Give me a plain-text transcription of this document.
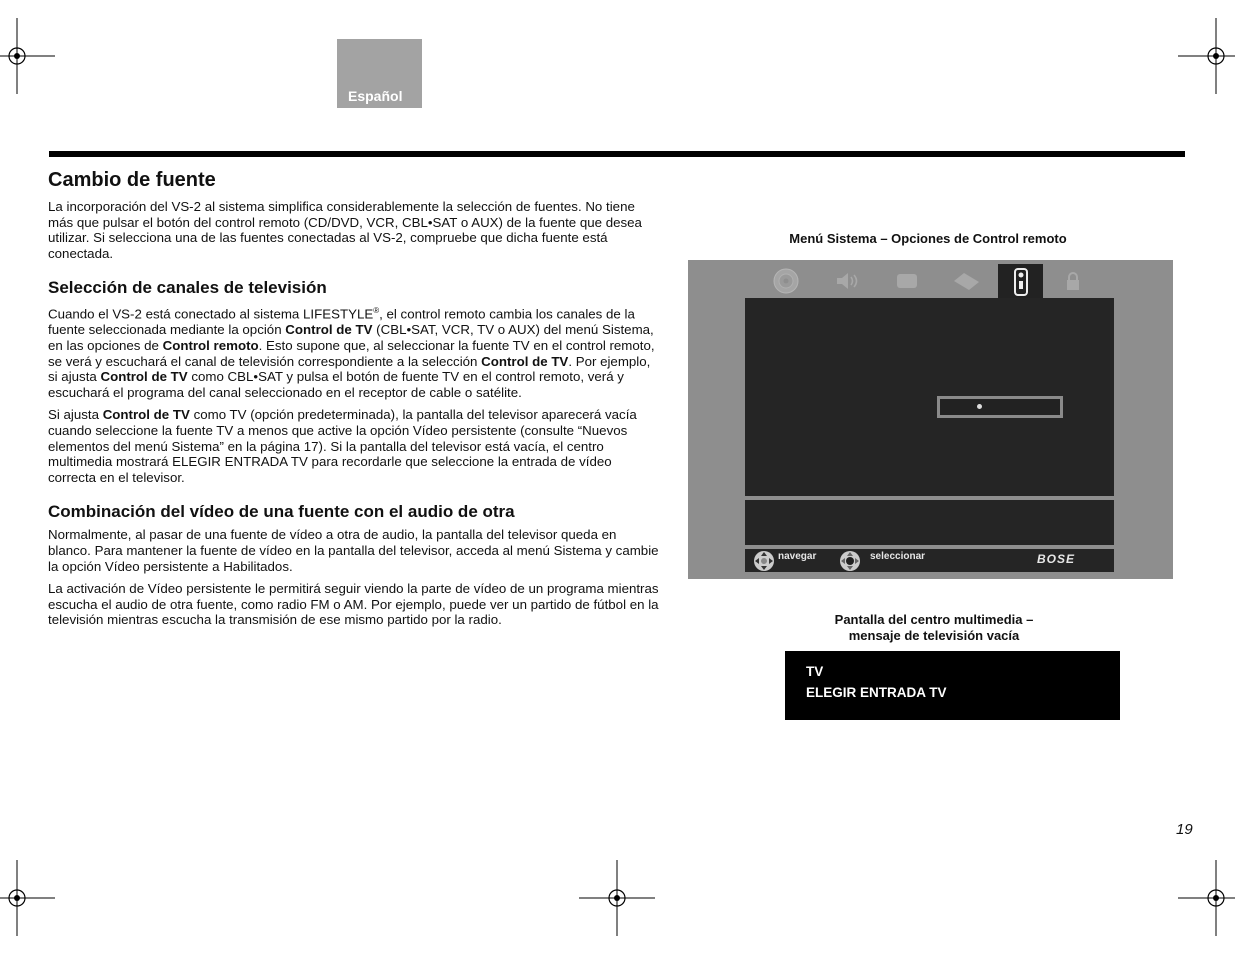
Español
Cambio de fuente

La incorporación del VS-2 al sistema simplifica considerablemente la selección de fuentes. No tiene más que pulsar el botón del control remoto (CD/DVD, VCR, CBL•SAT o AUX) de la fuente que desea utilizar. Si selecciona una de las fuentes conectadas al VS-2, compruebe que dicha fuente está conectada.

Selección de canales de televisión

Cuando el VS-2 está conectado al sistema LIFESTYLE®, el control remoto cambia los canales de la fuente seleccionada mediante la opción Control de TV (CBL•SAT, VCR, TV o AUX) del menú Sistema, en las opciones de Control remoto. Esto supone que, al seleccionar la fuente TV en el control remoto, se verá y escuchará el canal de televisión correspondiente a la selección Control de TV. Por ejemplo, si ajusta Control de TV como CBL•SAT y pulsa el botón de fuente TV en el control remoto, verá y escuchará el programa del canal seleccionado en el receptor de cable o satélite.

Si ajusta Control de TV como TV (opción predeterminada), la pantalla del televisor aparecerá vacía cuando seleccione la fuente TV a menos que active la opción Vídeo persistente (consulte “Nuevos elementos del menú Sistema” en la página 17). Si la pantalla del televisor está vacía, el centro multimedia mostrará ELEGIR ENTRADA TV para recordarle que seleccione la entrada de vídeo correcta en el televisor.

Combinación del vídeo de una fuente con el audio de otra

Normalmente, al pasar de una fuente de vídeo a otra de audio, la pantalla del televisor queda en blanco. Para mantener la fuente de vídeo en la pantalla del televisor, acceda al menú Sistema y cambie la opción Vídeo persistente a Habilitados.

La activación de Vídeo persistente le permitirá seguir viendo la parte de vídeo de un programa mientras escucha el audio de otra fuente, como radio FM o AM. Por ejemplo, puede ver un partido de fútbol en la televisión mientras escucha la transmisión de ese mismo partido por la radio.

Menú Sistema – Opciones de Control remoto
navegar	seleccionar	BOSE
Pantalla del centro multimedia –
mensaje de televisión vacía
TV
ELEGIR ENTRADA TV
19
